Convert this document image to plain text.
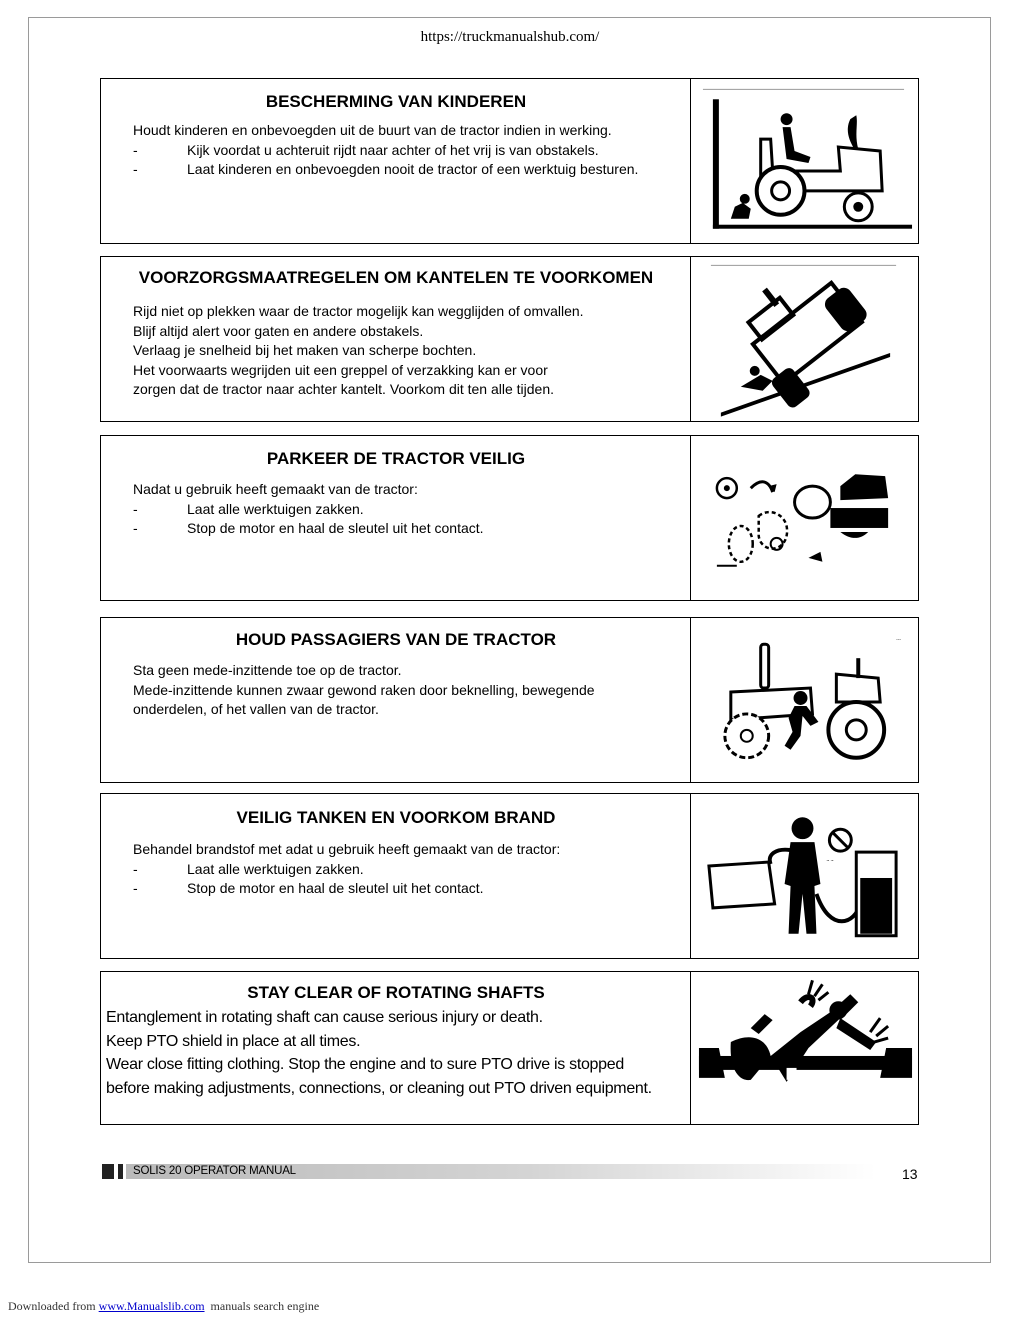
https://truckmanualshub.com/
BESCHERMING VAN KINDEREN
Houdt kinderen en onbevoegden uit de buurt van de tractor indien in werking.
-	Kijk voordat u achteruit rijdt naar achter of het vrij is van obstakels.
-	Laat kinderen en onbevoegden nooit de tractor of een werktuig besturen.
VOORZORGSMAATREGELEN OM KANTELEN TE VOORKOMEN
Rijd niet op plekken waar de tractor mogelijk kan wegglijden of omvallen.
Blijf altijd alert voor gaten en andere obstakels.
Verlaag je snelheid bij het maken van scherpe bochten.
Het voorwaarts wegrijden uit een greppel of verzakking kan er voor
zorgen dat de tractor naar achter kantelt. Voorkom dit ten alle tijden.
PARKEER DE TRACTOR VEILIG
Nadat u gebruik heeft gemaakt van de tractor:
-	Laat alle werktuigen zakken.
-	Stop de motor en haal de sleutel uit het contact.
HOUD PASSAGIERS VAN DE TRACTOR
Sta geen mede-inzittende toe op de tractor.
Mede-inzittende kunnen zwaar gewond raken door beknelling, bewegende
onderdelen, of het vallen van de tractor.
---
VEILIG TANKEN EN VOORKOM BRAND
Behandel brandstof met adat u gebruik heeft gemaakt van de tractor:
-	Laat alle werktuigen zakken.
-	Stop de motor en haal de sleutel uit het contact.
~ ~
STAY CLEAR OF ROTATING SHAFTS
Entanglement in rotating shaft can cause serious injury or death.
Keep PTO shield in place at all times.
Wear close fitting clothing. Stop the engine and to sure PTO drive is stopped
before making adjustments, connections, or cleaning out PTO driven equipment.
SOLIS 20 OPERATOR MANUAL	13
Downloaded from www.Manualslib.com manuals search engine
